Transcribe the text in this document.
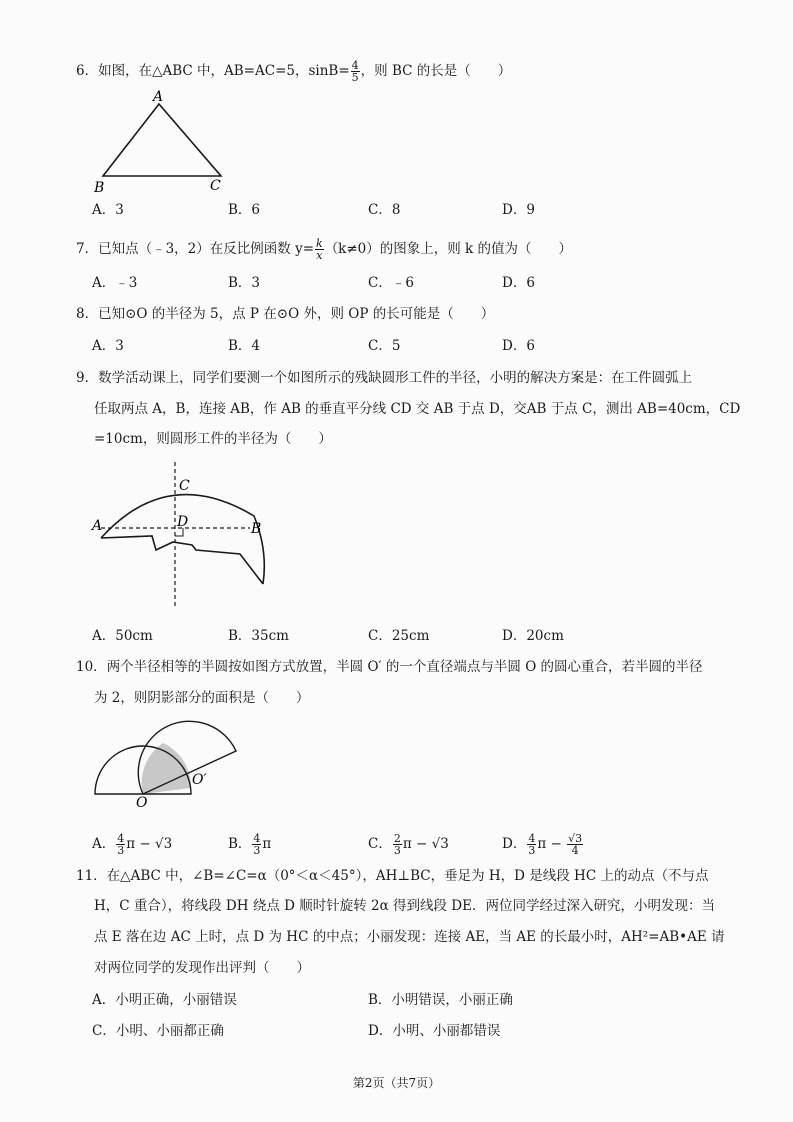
6．如图，在△ABC 中，AB=AC=5，$\sin B= \frac{4}{5}$ ，则 BC 的长是（　　）
A
B	C
A．3	B．6	C．8	D．9
7．已知点（﹣3，2）在反比例函数 $y= \frac{k}{x} (k\ne 0)$的图象上，则 k 的值为（　　）
A．﹣3	B．3	C．﹣6	D．6
8．已知⊙O 的半径为 5，点 P 在⊙O 外，则 OP 的长可能是（　　）
A．3	B．4	C．5	D．6
9．数学活动课上，同学们要测一个如图所示的残缺圆形工件的半径，小明的解决方案是：在工件圆弧上
任取两点 A，B，连接 AB，作 AB 的垂直平分线 CD 交 AB 于点 D，交AB 于点 C，测出 AB=40cm，CD
=10cm，则圆形工件的半径为（　　）
A	B
C
D
A．50cm	B．35cm	C．25cm	D．20cm
10．两个半径相等的半圆按如图方式放置，半圆 O′ 的一个直径端点与半圆 O 的圆心重合，若半圆的半径
为 2，则阴影部分的面积是（　　）
O
O′
A． $\frac{4}{3}$ π − √3	B． $\frac{4}{3}$ π	C． $\frac{2}{3}$ π − √3	D． $\frac{4}{3}$ $\pi - \frac{√3}{4}$
11．在△ABC 中，∠B=∠C=α（0°＜α＜45°），AH⊥BC，垂足为 H，D 是线段 HC 上的动点（不与点
H，C 重合），将线段 DH 绕点 D 顺时针旋转 2α 得到线段 DE．两位同学经过深入研究，小明发现：当
点 E 落在边 AC 上时，点 D 为 HC 的中点；小丽发现：连接 AE，当 AE 的长最小时，AH²=AB•AE 请
对两位同学的发现作出评判（　　）
A．小明正确，小丽错误	B．小明错误，小丽正确
C．小明、小丽都正确	D．小明、小丽都错误
第2页（共7页）
